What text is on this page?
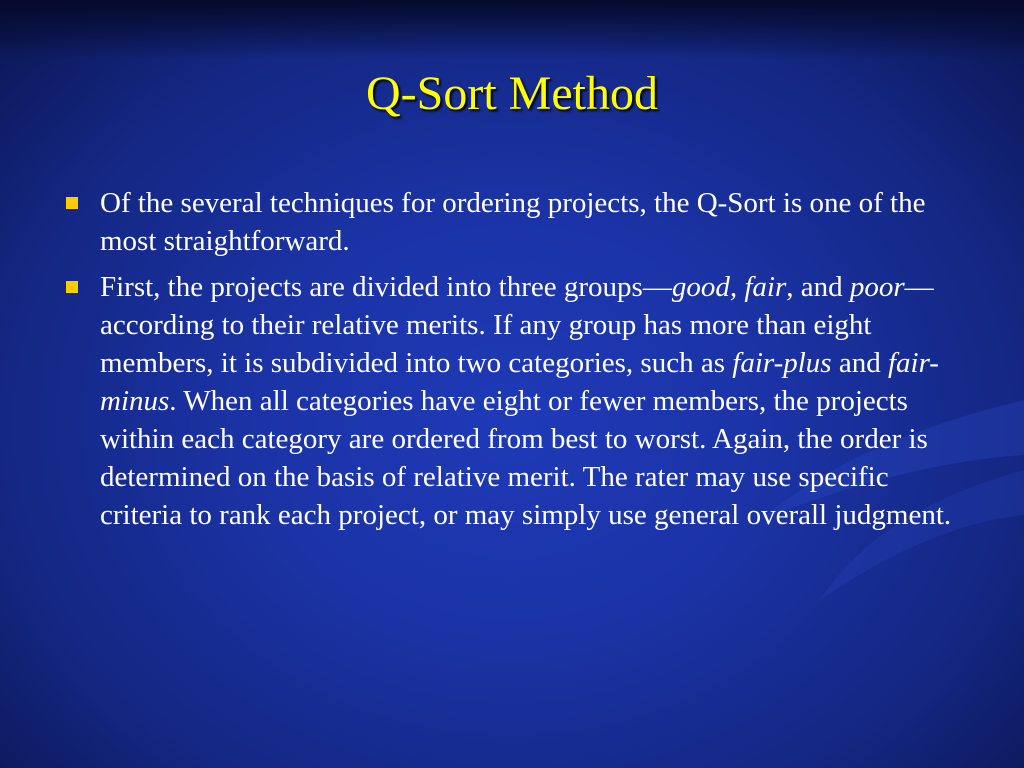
Q-Sort Method
Of the several techniques for ordering projects, the Q-Sort is one of the most straightforward.
First, the projects are divided into three groups—good, fair, and poor—according to their relative merits. If any group has more than eight members, it is subdivided into two categories, such as fair-plus and fair-minus. When all categories have eight or fewer members, the projects within each category are ordered from best to worst. Again, the order is determined on the basis of relative merit. The rater may use specific criteria to rank each project, or may simply use general overall judgment.
